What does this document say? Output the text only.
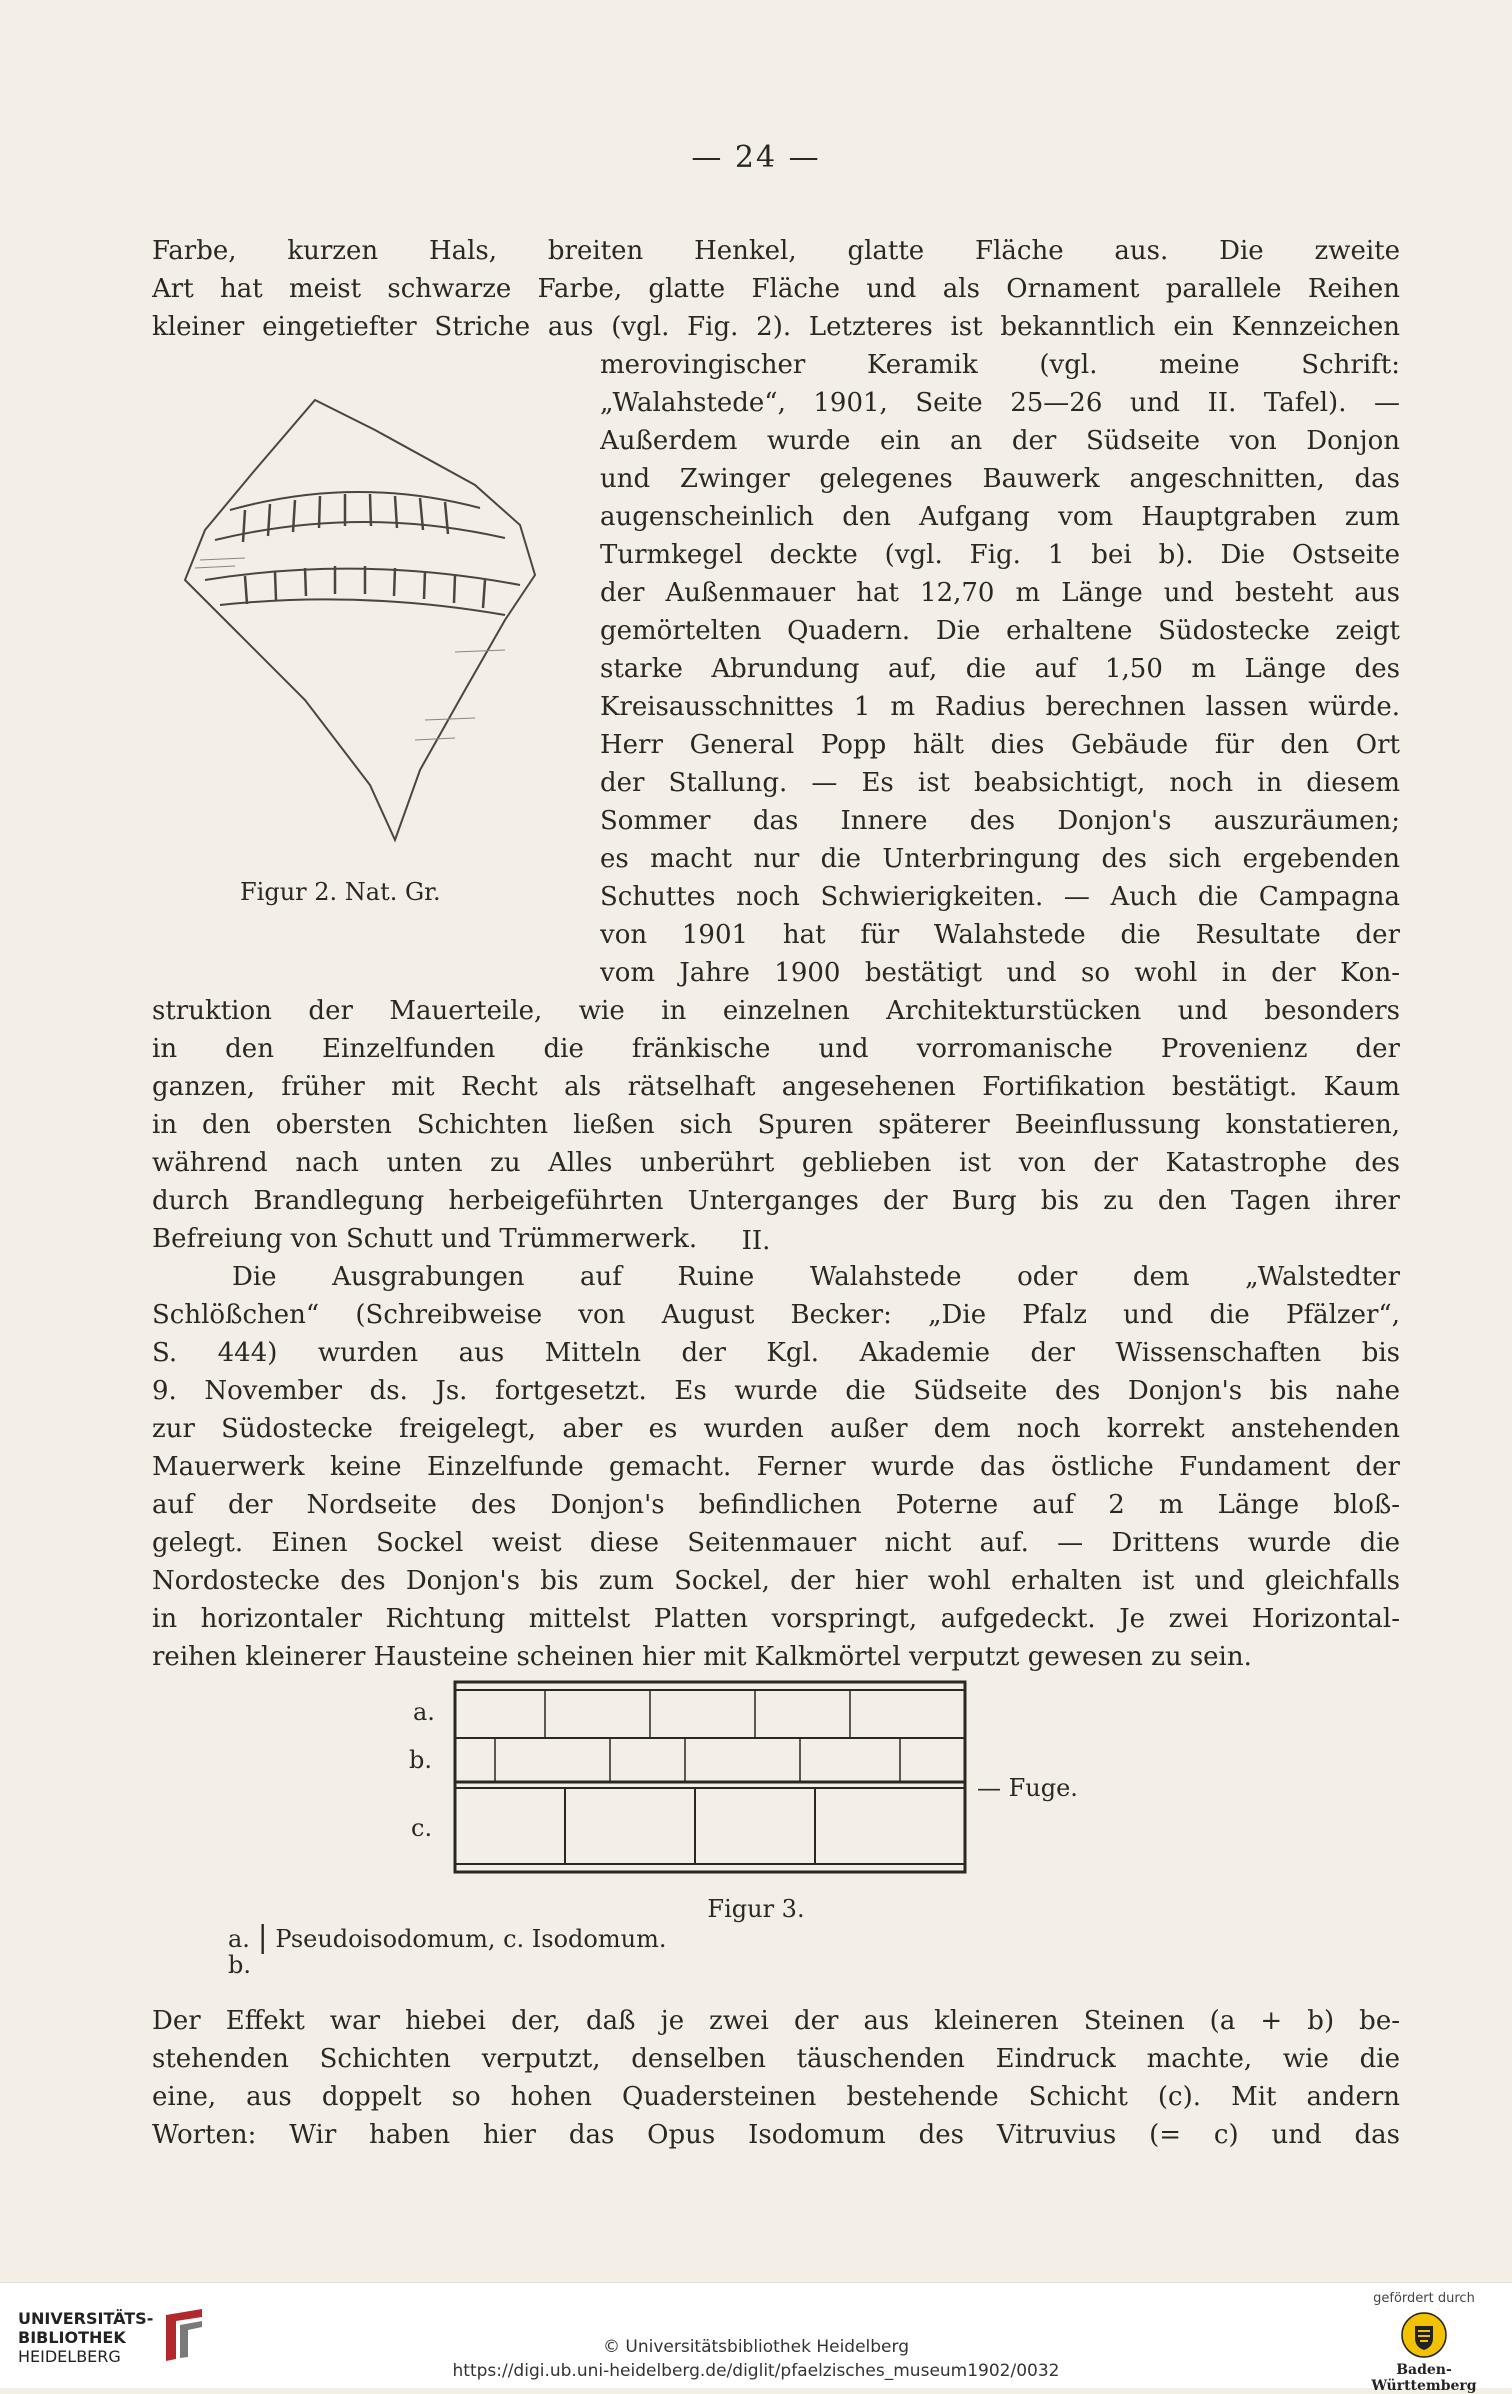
— 24 —
Farbe, kurzen Hals, breiten Henkel, glatte Fläche aus. Die zweite
Art hat meist schwarze Farbe, glatte Fläche und als Ornament parallele Reihen
kleiner eingetiefter Striche aus (vgl. Fig. 2). Letzteres ist bekanntlich ein Kennzeichen
merovingischer Keramik (vgl. meine Schrift:
„Walahstede“, 1901, Seite 25—26 und II. Tafel). —
Außerdem wurde ein an der Südseite von Donjon
und Zwinger gelegenes Bauwerk angeschnitten, das
augenscheinlich den Aufgang vom Hauptgraben zum
Turmkegel deckte (vgl. Fig. 1 bei b). Die Ostseite
der Außenmauer hat 12,70 m Länge und besteht aus
gemörtelten Quadern. Die erhaltene Südostecke zeigt
starke Abrundung auf, die auf 1,50 m Länge des
Kreisausschnittes 1 m Radius berechnen lassen würde.
Herr General Popp hält dies Gebäude für den Ort
der Stallung. — Es ist beabsichtigt, noch in diesem
Sommer das Innere des Donjon's auszuräumen;
es macht nur die Unterbringung des sich ergebenden
Schuttes noch Schwierigkeiten. — Auch die Campagna
von 1901 hat für Walahstede die Resultate der
vom Jahre 1900 bestätigt und so wohl in der Kon-
Figur 2. Nat. Gr.
struktion der Mauerteile, wie in einzelnen Architekturstücken und besonders
in den Einzelfunden die fränkische und vorromanische Provenienz der
ganzen, früher mit Recht als rätselhaft angesehenen Fortifikation bestätigt. Kaum
in den obersten Schichten ließen sich Spuren späterer Beeinflussung konstatieren,
während nach unten zu Alles unberührt geblieben ist von der Katastrophe des
durch Brandlegung herbeigeführten Unterganges der Burg bis zu den Tagen ihrer
Befreiung von Schutt und Trümmerwerk.	II.
Die Ausgrabungen auf Ruine Walahstede oder dem „Walstedter
Schlößchen“ (Schreibweise von August Becker: „Die Pfalz und die Pfälzer“,
S. 444) wurden aus Mitteln der Kgl. Akademie der Wissenschaften bis
9. November ds. Js. fortgesetzt. Es wurde die Südseite des Donjon's bis nahe
zur Südostecke freigelegt, aber es wurden außer dem noch korrekt anstehenden
Mauerwerk keine Einzelfunde gemacht. Ferner wurde das östliche Fundament der
auf der Nordseite des Donjon's befindlichen Poterne auf 2 m Länge bloß-
gelegt. Einen Sockel weist diese Seitenmauer nicht auf. — Drittens wurde die
Nordostecke des Donjon's bis zum Sockel, der hier wohl erhalten ist und gleichfalls
in horizontaler Richtung mittelst Platten vorspringt, aufgedeckt. Je zwei Horizontal-
reihen kleinerer Hausteine scheinen hier mit Kalkmörtel verputzt gewesen zu sein.
a.
b.
c.
— Fuge.
Figur 3.
a. | Pseudoisodomum, c. Isodomum.
b.
Der Effekt war hiebei der, daß je zwei der aus kleineren Steinen (a + b) be-
stehenden Schichten verputzt, denselben täuschenden Eindruck machte, wie die
eine, aus doppelt so hohen Quadersteinen bestehende Schicht (c). Mit andern
Worten: Wir haben hier das Opus Isodomum des Vitruvius (= c) und das
UNIVERSITÄTS-
BIBLIOTHEK
HEIDELBERG	© Universitätsbibliothek Heidelberg
https://digi.ub.uni-heidelberg.de/diglit/pfaelzisches_museum1902/0032
gefördert durch
Baden-Württemberg
